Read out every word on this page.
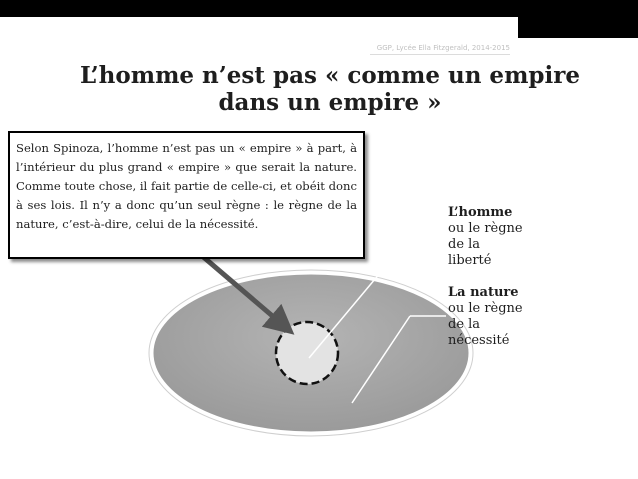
GGP, Lycée Ella Fitzgerald, 2014-2015
L’homme n’est pas « comme un empire
dans un empire »

Selon Spinoza, l’homme n’est pas un « empire » à part, à l’intérieur du plus grand « empire » que serait la nature. Comme toute chose, il fait partie de celle-ci, et obéit donc à ses lois. Il n’y a donc qu’un seul règne : le règne de la nature, c’est-à-dire, celui de la nécessité.

L’homme
ou le règne
de la
liberté
La nature
ou le règne
de la
nécessité
